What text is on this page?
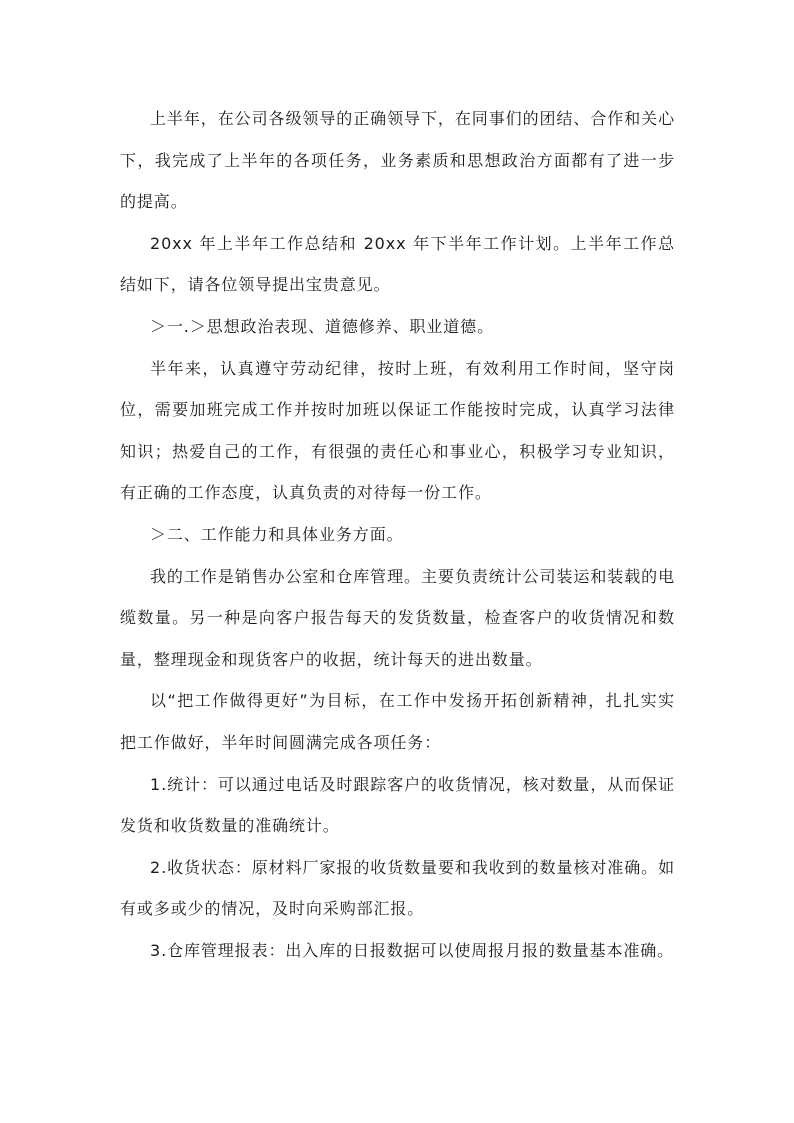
上半年，在公司各级领导的正确领导下，在同事们的团结、合作和关心下，我完成了上半年的各项任务，业务素质和思想政治方面都有了进一步的提高。

20xx 年上半年工作总结和 20xx 年下半年工作计划。上半年工作总结如下，请各位领导提出宝贵意见。

＞一.＞思想政治表现、道德修养、职业道德。

半年来，认真遵守劳动纪律，按时上班，有效利用工作时间，坚守岗位，需要加班完成工作并按时加班以保证工作能按时完成，认真学习法律知识；热爱自己的工作，有很强的责任心和事业心，积极学习专业知识，有正确的工作态度，认真负责的对待每一份工作。

＞二、工作能力和具体业务方面。

我的工作是销售办公室和仓库管理。主要负责统计公司装运和装载的电缆数量。另一种是向客户报告每天的发货数量，检查客户的收货情况和数量，整理现金和现货客户的收据，统计每天的进出数量。

以“把工作做得更好”为目标，在工作中发扬开拓创新精神，扎扎实实把工作做好，半年时间圆满完成各项任务：

1.统计：可以通过电话及时跟踪客户的收货情况，核对数量，从而保证发货和收货数量的准确统计。

2.收货状态：原材料厂家报的收货数量要和我收到的数量核对准确。如有或多或少的情况，及时向采购部汇报。

3.仓库管理报表：出入库的日报数据可以使周报月报的数量基本准确。
